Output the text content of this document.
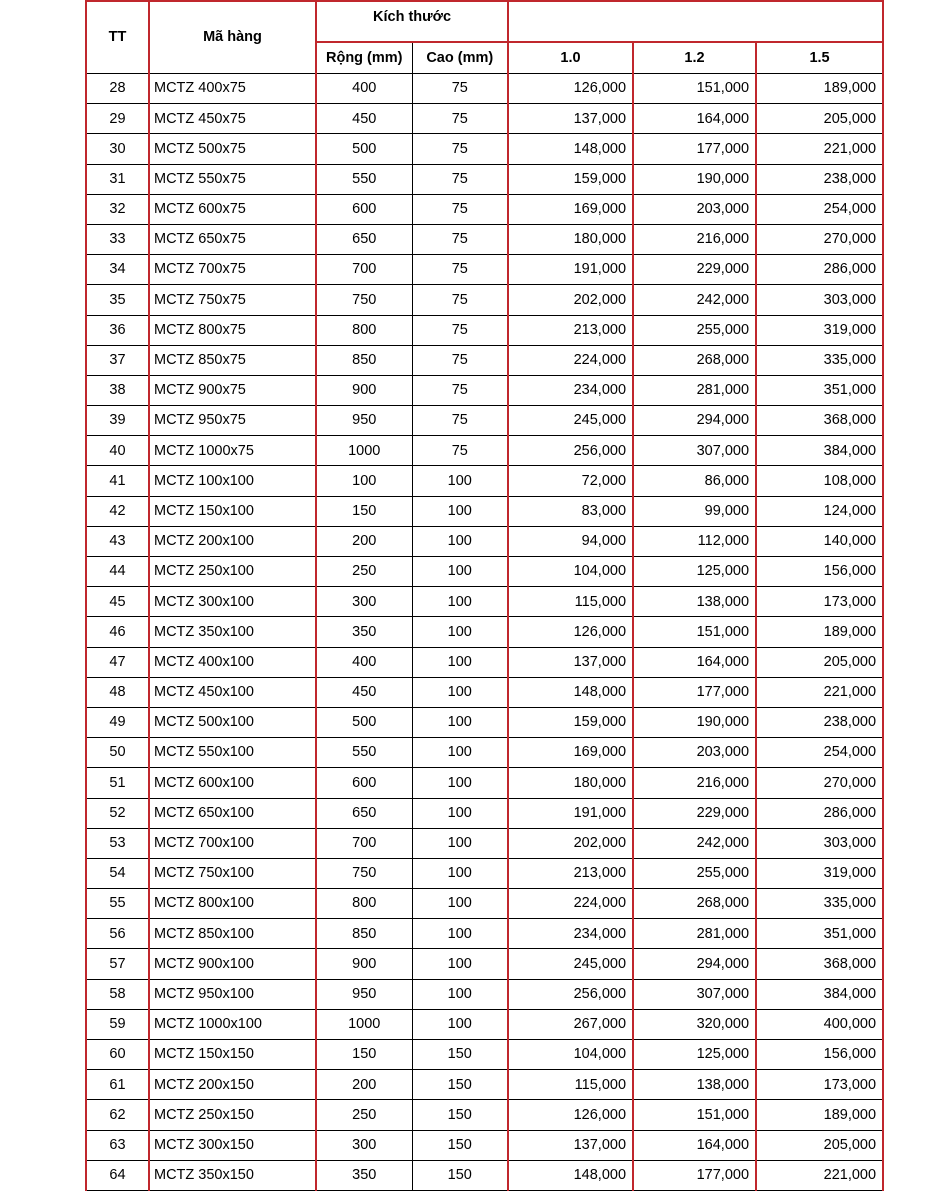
TT	Mã hàng	Kích thước				
		Rộng (mm)	Cao (mm)	1.0	1.2	1.5
28	MCTZ 400x75	400	75	126,000	151,000	189,000
29	MCTZ 450x75	450	75	137,000	164,000	205,000
30	MCTZ 500x75	500	75	148,000	177,000	221,000
31	MCTZ 550x75	550	75	159,000	190,000	238,000
32	MCTZ 600x75	600	75	169,000	203,000	254,000
33	MCTZ 650x75	650	75	180,000	216,000	270,000
34	MCTZ 700x75	700	75	191,000	229,000	286,000
35	MCTZ 750x75	750	75	202,000	242,000	303,000
36	MCTZ 800x75	800	75	213,000	255,000	319,000
37	MCTZ 850x75	850	75	224,000	268,000	335,000
38	MCTZ 900x75	900	75	234,000	281,000	351,000
39	MCTZ 950x75	950	75	245,000	294,000	368,000
40	MCTZ 1000x75	1000	75	256,000	307,000	384,000
41	MCTZ 100x100	100	100	72,000	86,000	108,000
42	MCTZ 150x100	150	100	83,000	99,000	124,000
43	MCTZ 200x100	200	100	94,000	112,000	140,000
44	MCTZ 250x100	250	100	104,000	125,000	156,000
45	MCTZ 300x100	300	100	115,000	138,000	173,000
46	MCTZ 350x100	350	100	126,000	151,000	189,000
47	MCTZ 400x100	400	100	137,000	164,000	205,000
48	MCTZ 450x100	450	100	148,000	177,000	221,000
49	MCTZ 500x100	500	100	159,000	190,000	238,000
50	MCTZ 550x100	550	100	169,000	203,000	254,000
51	MCTZ 600x100	600	100	180,000	216,000	270,000
52	MCTZ 650x100	650	100	191,000	229,000	286,000
53	MCTZ 700x100	700	100	202,000	242,000	303,000
54	MCTZ 750x100	750	100	213,000	255,000	319,000
55	MCTZ 800x100	800	100	224,000	268,000	335,000
56	MCTZ 850x100	850	100	234,000	281,000	351,000
57	MCTZ 900x100	900	100	245,000	294,000	368,000
58	MCTZ 950x100	950	100	256,000	307,000	384,000
59	MCTZ 1000x100	1000	100	267,000	320,000	400,000
60	MCTZ 150x150	150	150	104,000	125,000	156,000
61	MCTZ 200x150	200	150	115,000	138,000	173,000
62	MCTZ 250x150	250	150	126,000	151,000	189,000
63	MCTZ 300x150	300	150	137,000	164,000	205,000
64	MCTZ 350x150	350	150	148,000	177,000	221,000
